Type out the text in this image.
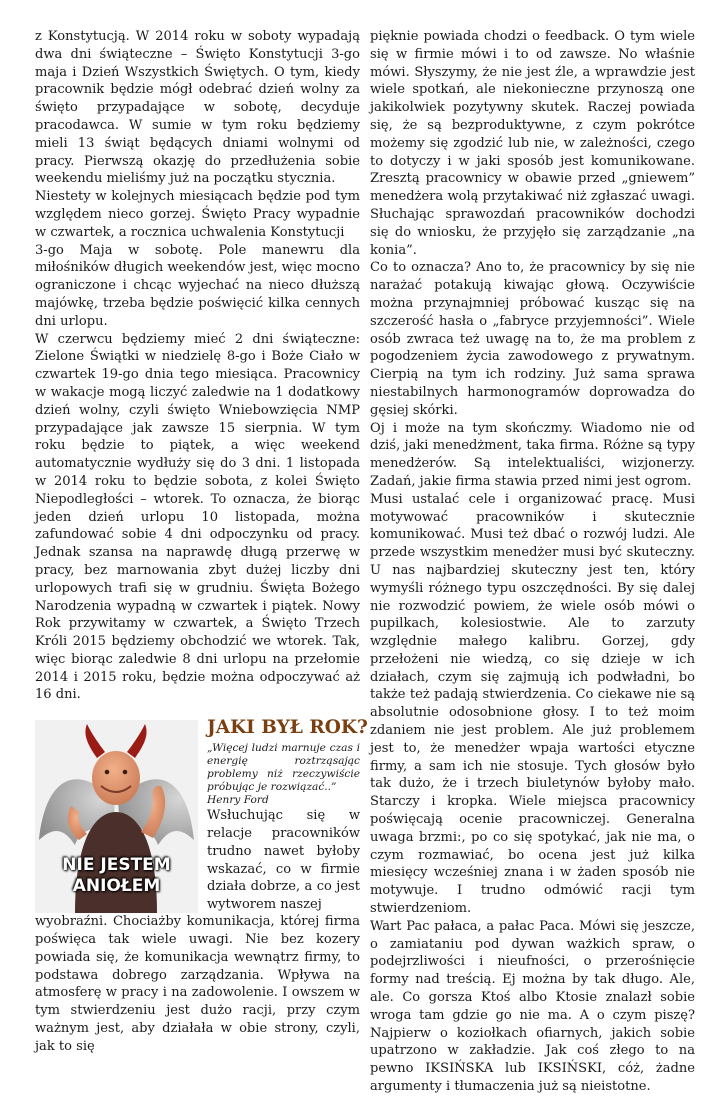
z Konstytucją. W 2014 roku w soboty wypadają dwa dni świąteczne – Święto Konstytucji 3-go maja i Dzień Wszystkich Świętych. O tym, kiedy pracownik będzie mógł odebrać dzień wolny za święto przypadające w sobotę, decyduje pracodawca. W sumie w tym roku będziemy mieli 13 świąt będących dniami wolnymi od pracy. Pierwszą okazję do przedłużenia sobie weekendu mieliśmy już na początku stycznia.

Niestety w kolejnych miesiącach będzie pod tym względem nieco gorzej. Święto Pracy wypadnie w czwartek, a rocznica uchwalenia Konstytucji

3-go Maja w sobotę. Pole manewru dla miłośników długich weekendów jest, więc mocno ograniczone i chcąc wyjechać na nieco dłuższą majówkę, trzeba będzie poświęcić kilka cennych dni urlopu.

W czerwcu będziemy mieć 2 dni świąteczne: Zielone Świątki w niedzielę 8-go i Boże Ciało w czwartek 19-go dnia tego miesiąca. Pracownicy w wakacje mogą liczyć zaledwie na 1 dodatkowy dzień wolny, czyli święto Wniebowzięcia NMP przypadające jak zawsze 15 sierpnia. W tym roku będzie to piątek, a więc weekend automatycznie wydłuży się do 3 dni. 1 listopada w 2014 roku to będzie sobota, z kolei Święto Niepodległości – wtorek. To oznacza, że biorąc jeden dzień urlopu 10 listopada, można zafundować sobie 4 dni odpoczynku od pracy. Jednak szansa na naprawdę długą przerwę w pracy, bez marnowania zbyt dużej liczby dni urlopowych trafi się w grudniu. Święta Bożego Narodzenia wypadną w czwartek i piątek. Nowy Rok przywitamy w czwartek, a Święto Trzech Króli 2015 będziemy obchodzić we wtorek. Tak, więc biorąc zaledwie 8 dni urlopu na przełomie 2014 i 2015 roku, będzie można odpoczywać aż 16 dni.

NIE JESTEM
ANIOŁEM
JAKI BYŁ ROK?

„Więcej ludzi marnuje czas i energię roztrząsając problemy niż rzeczywiście próbując je rozwiązać..”

Henry Ford

Wsłuchując się w relacje pracowników trudno nawet byłoby wskazać, co w firmie działa dobrze, a co jest wytworem naszej

wyobraźni. Chociażby komunikacja, której firma poświęca tak wiele uwagi. Nie bez kozery powiada się, że komunikacja wewnątrz firmy, to podstawa dobrego zarządzania. Wpływa na atmosferę w pracy i na zadowolenie. I owszem w tym stwierdzeniu jest dużo racji, przy czym ważnym jest, aby działała w obie strony, czyli, jak to się

pięknie powiada chodzi o feedback. O tym wiele się w firmie mówi i to od zawsze. No właśnie mówi. Słyszymy, że nie jest źle, a wprawdzie jest wiele spotkań, ale niekonieczne przynoszą one jakikolwiek pozytywny skutek. Raczej powiada się, że są bezproduktywne, z czym pokrótce możemy się zgodzić lub nie, w zależności, czego to dotyczy i w jaki sposób jest komunikowane. Zresztą pracownicy w obawie przed „gniewem” menedżera wolą przytakiwać niż zgłaszać uwagi. Słuchając sprawozdań pracowników dochodzi się do wniosku, że przyjęło się zarządzanie „na konia”.

Co to oznacza? Ano to, że pracownicy by się nie narażać potakują kiwając głową. Oczywiście można przynajmniej próbować kusząc się na szczerość hasła o „fabryce przyjemności”. Wiele osób zwraca też uwagę na to, że ma problem z pogodzeniem życia zawodowego z prywatnym. Cierpią na tym ich rodziny. Już sama sprawa niestabilnych harmonogramów doprowadza do gęsiej skórki.

Oj i może na tym skończmy. Wiadomo nie od dziś, jaki menedżment, taka firma. Różne są typy menedżerów. Są intelektualiści, wizjonerzy. Zadań, jakie firma stawia przed nimi jest ogrom.

Musi ustalać cele i organizować pracę. Musi motywować pracowników i skutecznie komunikować. Musi też dbać o rozwój ludzi. Ale przede wszystkim menedżer musi być skuteczny. U nas najbardziej skuteczny jest ten, który wymyśli różnego typu oszczędności. By się dalej nie rozwodzić powiem, że wiele osób mówi o pupilkach, kolesiostwie. Ale to zarzuty względnie małego kalibru. Gorzej, gdy przełożeni nie wiedzą, co się dzieje w ich działach, czym się zajmują ich podwładni, bo także też padają stwierdzenia. Co ciekawe nie są absolutnie odosobnione głosy. I to też moim zdaniem nie jest problem. Ale już problemem jest to, że menedżer wpaja wartości etyczne firmy, a sam ich nie stosuje. Tych głosów było tak dużo, że i trzech biuletynów byłoby mało. Starczy i kropka. Wiele miejsca pracownicy poświęcają ocenie pracowniczej. Generalna uwaga brzmi:, po co się spotykać, jak nie ma, o czym rozmawiać, bo ocena jest już kilka miesięcy wcześniej znana i w żaden sposób nie motywuje. I trudno odmówić racji tym stwierdzeniom.

Wart Pac pałaca, a pałac Paca. Mówi się jeszcze, o zamiataniu pod dywan ważkich spraw, o podejrzliwości i nieufności, o przerośnięcie formy nad treścią. Ej można by tak długo. Ale, ale. Co gorsza Ktoś albo Ktosie znalazł sobie wroga tam gdzie go nie ma. A o czym piszę? Najpierw o koziołkach ofiarnych, jakich sobie upatrzono w zakładzie. Jak coś złego to na pewno IKSIŃSKA lub IKSIŃSKI, cóż, żadne argumenty i tłumaczenia już są nieistotne.
